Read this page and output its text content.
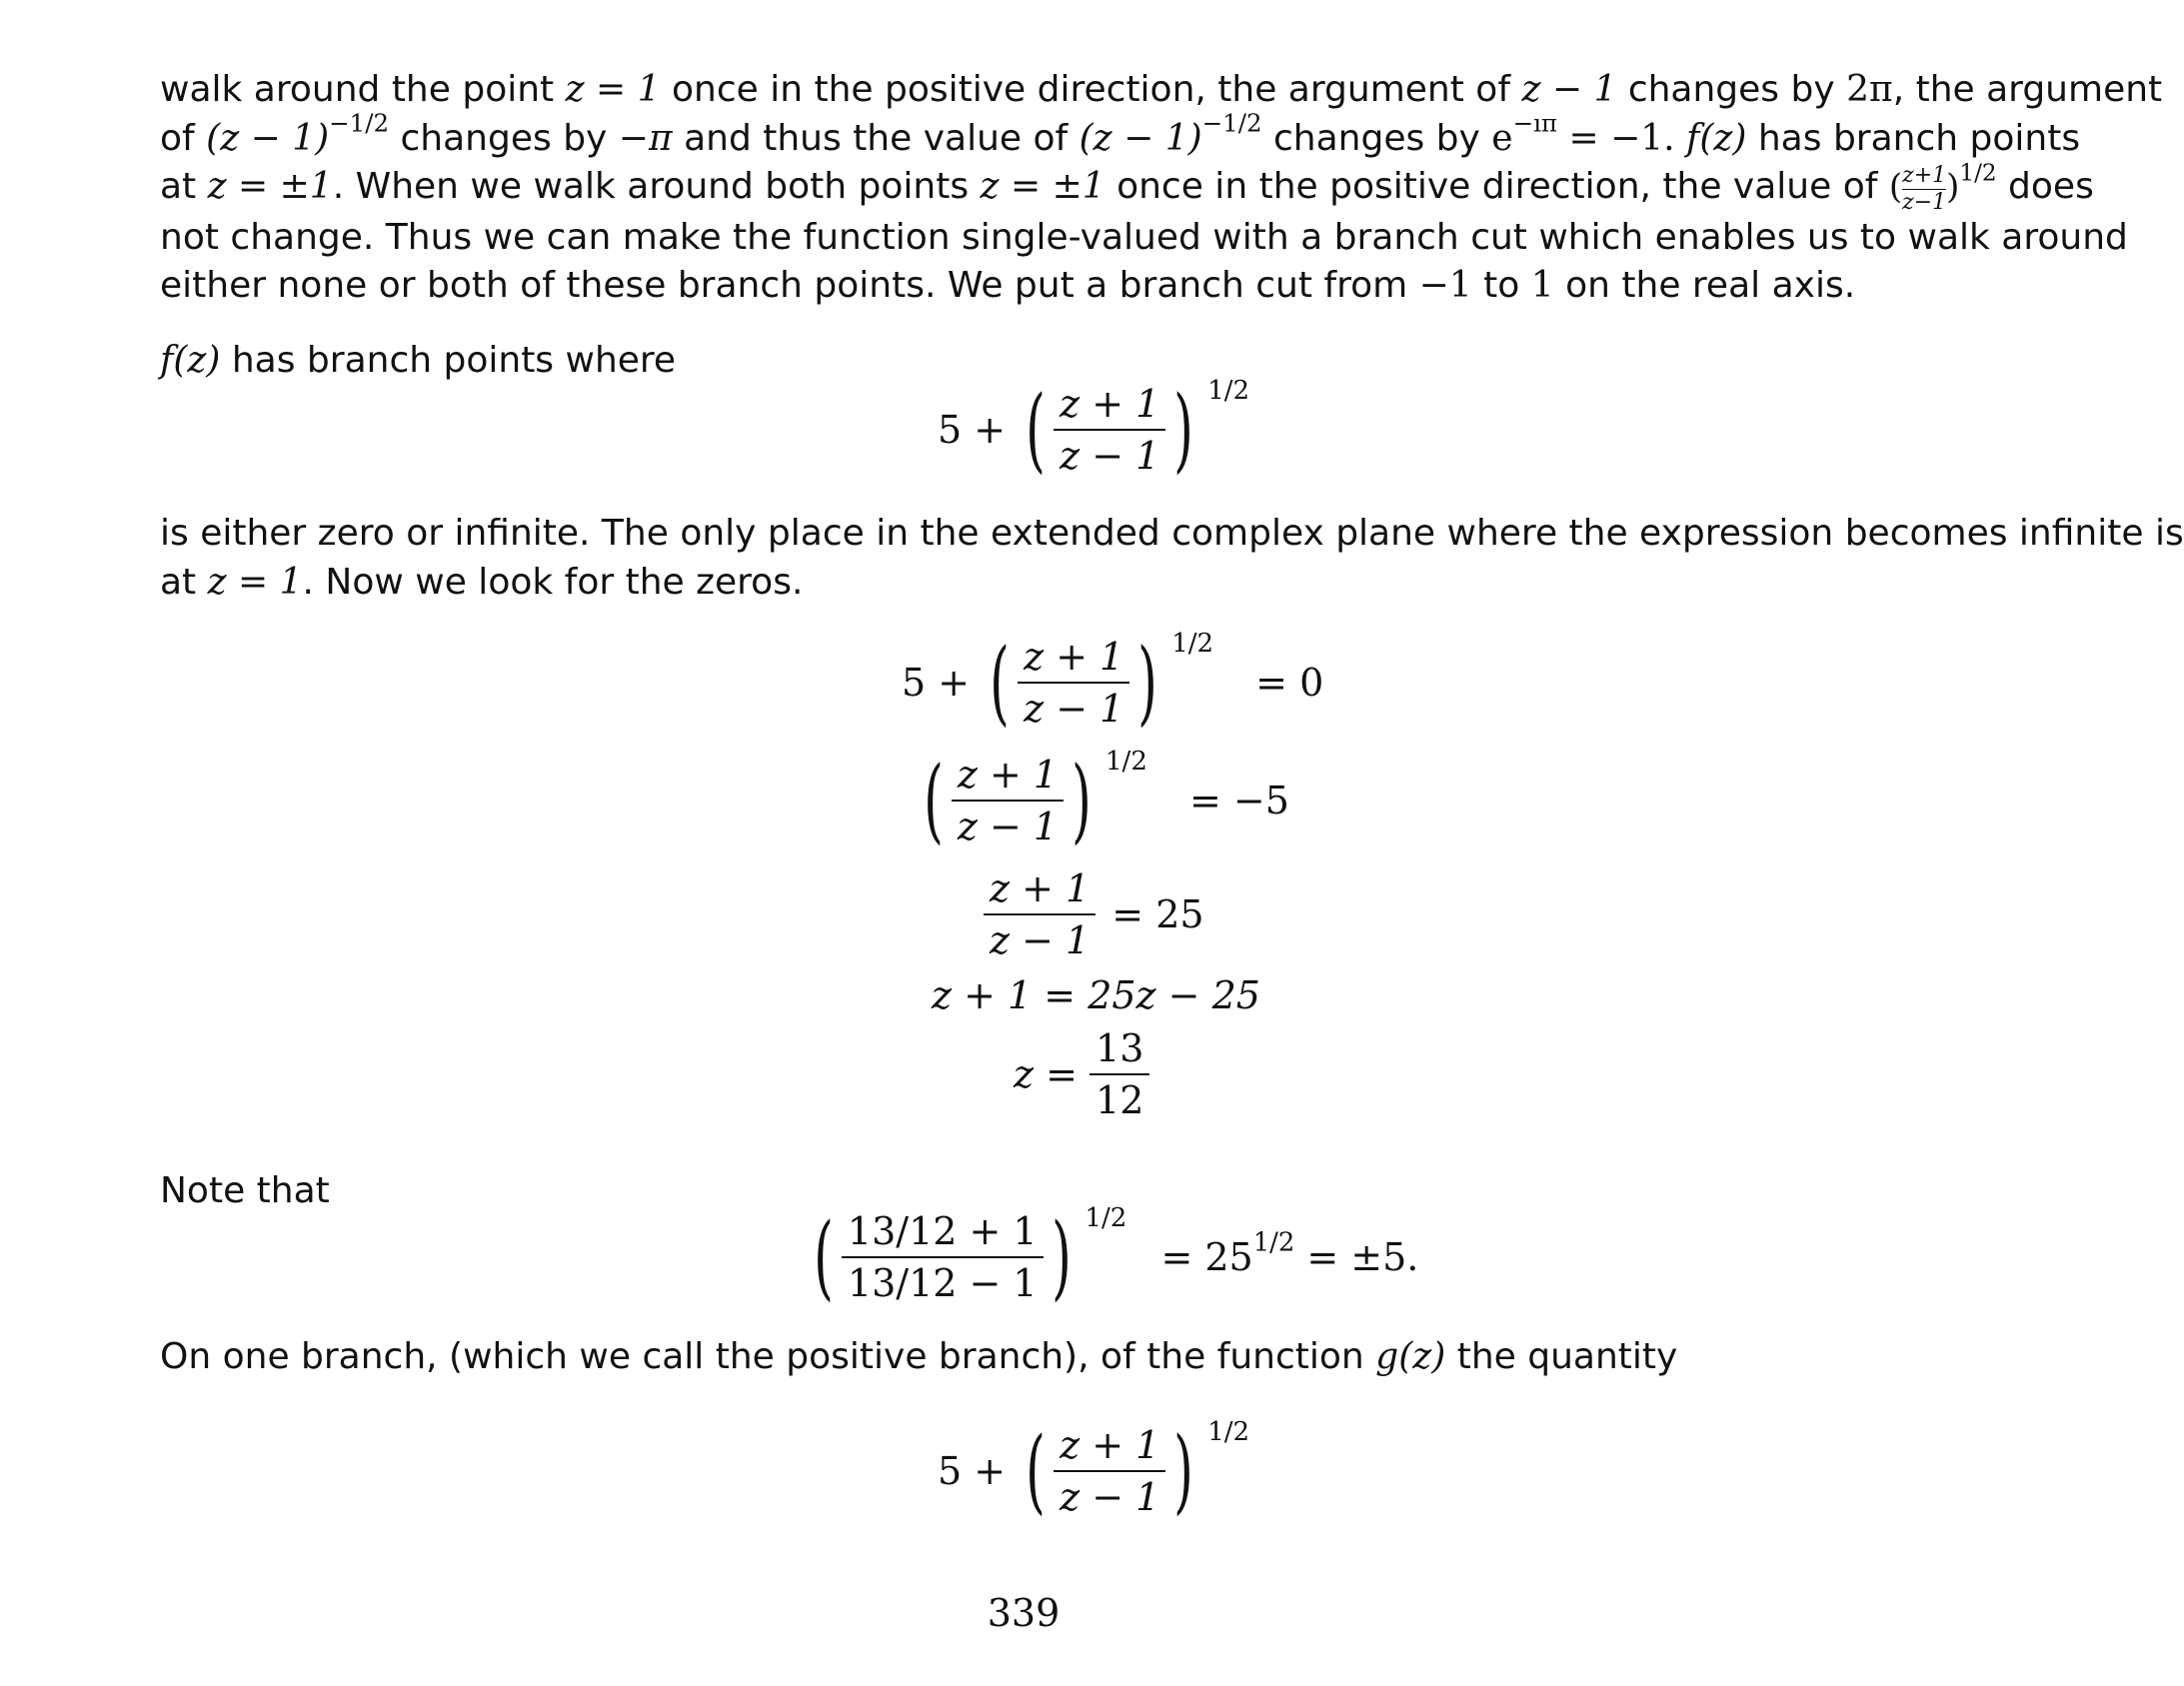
walk around the point z = 1 once in the positive direction, the argument of z − 1 changes by 2π, the argument
of $(z - 1)^{-1/2}$ changes by −π and thus the value of $(z - 1)^{-1/2}$ changes by $e^{-ı\pi} = -1$. f(z) has branch points
at z = ±1. When we walk around both points z = ±1 once in the positive direction, the value of ( $\frac{z+1}{z-1} )^{1/2}$ does
not change. Thus we can make the function single-valued with a branch cut which enables us to walk around
either none or both of these branch points. We put a branch cut from −1 to 1 on the real axis.
f(z) has branch points where
5 + ( $\frac{z + 1}{z - 1}$ ) 1/2
is either zero or infinite. The only place in the extended complex plane where the expression becomes infinite is
at z = 1. Now we look for the zeros.
5 + ( $\frac{z + 1}{z - 1}$ ) 1/2 = 0
( $\frac{z + 1}{z - 1}$ ) 1/2 = −5
$\frac{z + 1}{z - 1} = 25$
z + 1 = 25z − 25
$z = \frac{13}{12}$
Note that
( $\frac{13/12 + 1}{13/12 - 1}$ ) $1/2 = 25^{1/2} = \pm 5$.
On one branch, (which we call the positive branch), of the function g(z) the quantity
5 + ( $\frac{z + 1}{z - 1}$ ) 1/2
339
